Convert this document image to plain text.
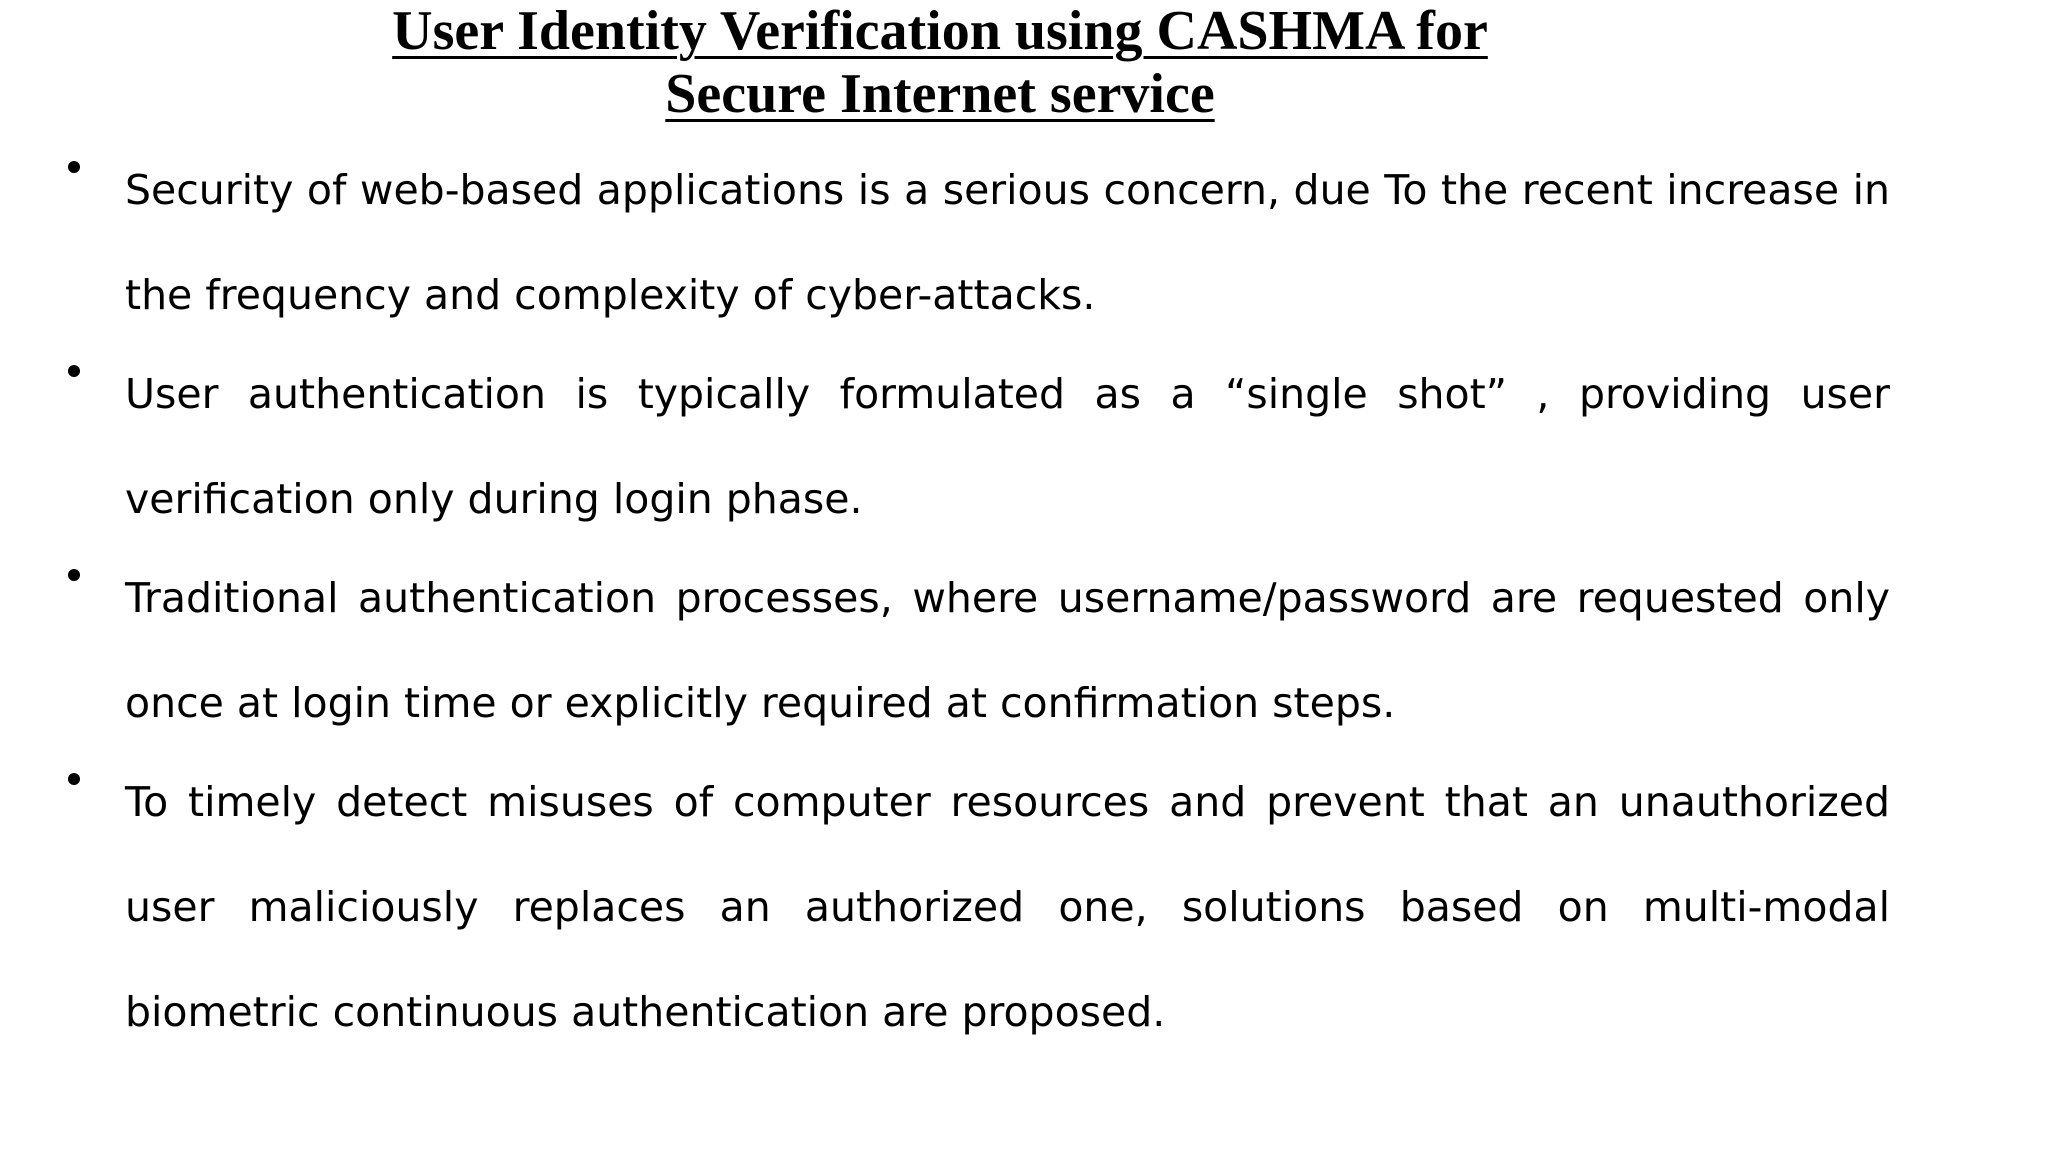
User Identity Verification using CASHMA for
Secure Internet service
Security of web-based applications is a serious concern, due To the recent increase in the frequency and complexity of cyber-attacks.
User authentication is typically formulated as a “single shot” , providing user verification only during login phase.
Traditional authentication processes, where username/password are requested only once at login time or explicitly required at confirmation steps.
To timely detect misuses of computer resources and prevent that an unauthorized user maliciously replaces an authorized one, solutions based on multi-modal biometric continuous authentication are proposed.
